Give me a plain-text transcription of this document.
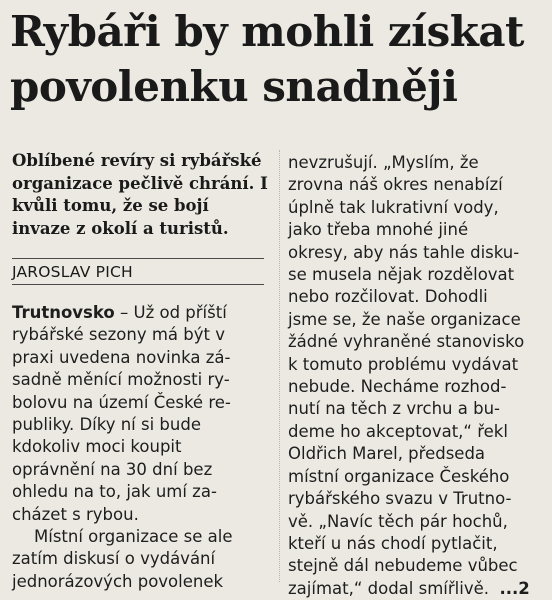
Rybáři by mohli získat
povolenku snadněji
Oblíbené revíry si rybářské
organizace pečlivě chrání. I
kvůli tomu, že se bojí
invaze z okolí a turistů.
JAROSLAV PICH
Trutnovsko – Už od příští
rybářské sezony má být v
praxi uvedena novinka zá-
sadně měnící možnosti ry-
bolovu na území České re-
publiky. Díky ní si bude
kdokoliv moci koupit
oprávnění na 30 dní bez
ohledu na to, jak umí za-
cházet s rybou.
Místní organizace se ale
zatím diskusí o vydávání
jednorázových povolenek
nevzrušují. „Myslím, že
zrovna náš okres nenabízí
úplně tak lukrativní vody,
jako třeba mnohé jiné
okresy, aby nás tahle disku-
se musela nějak rozdělovat
nebo rozčilovat. Dohodli
jsme se, že naše organizace
žádné vyhraněné stanovisko
k tomuto problému vydávat
nebude. Necháme rozhod-
nutí na těch z vrchu a bu-
deme ho akceptovat,“ řekl
Oldřich Marel, předseda
místní organizace Českého
rybářského svazu v Trutno-
vě. „Navíc těch pár hochů,
kteří u nás chodí pytlačit,
stejně dál nebudeme vůbec
zajímat,“ dodal smířlivě. ...2
